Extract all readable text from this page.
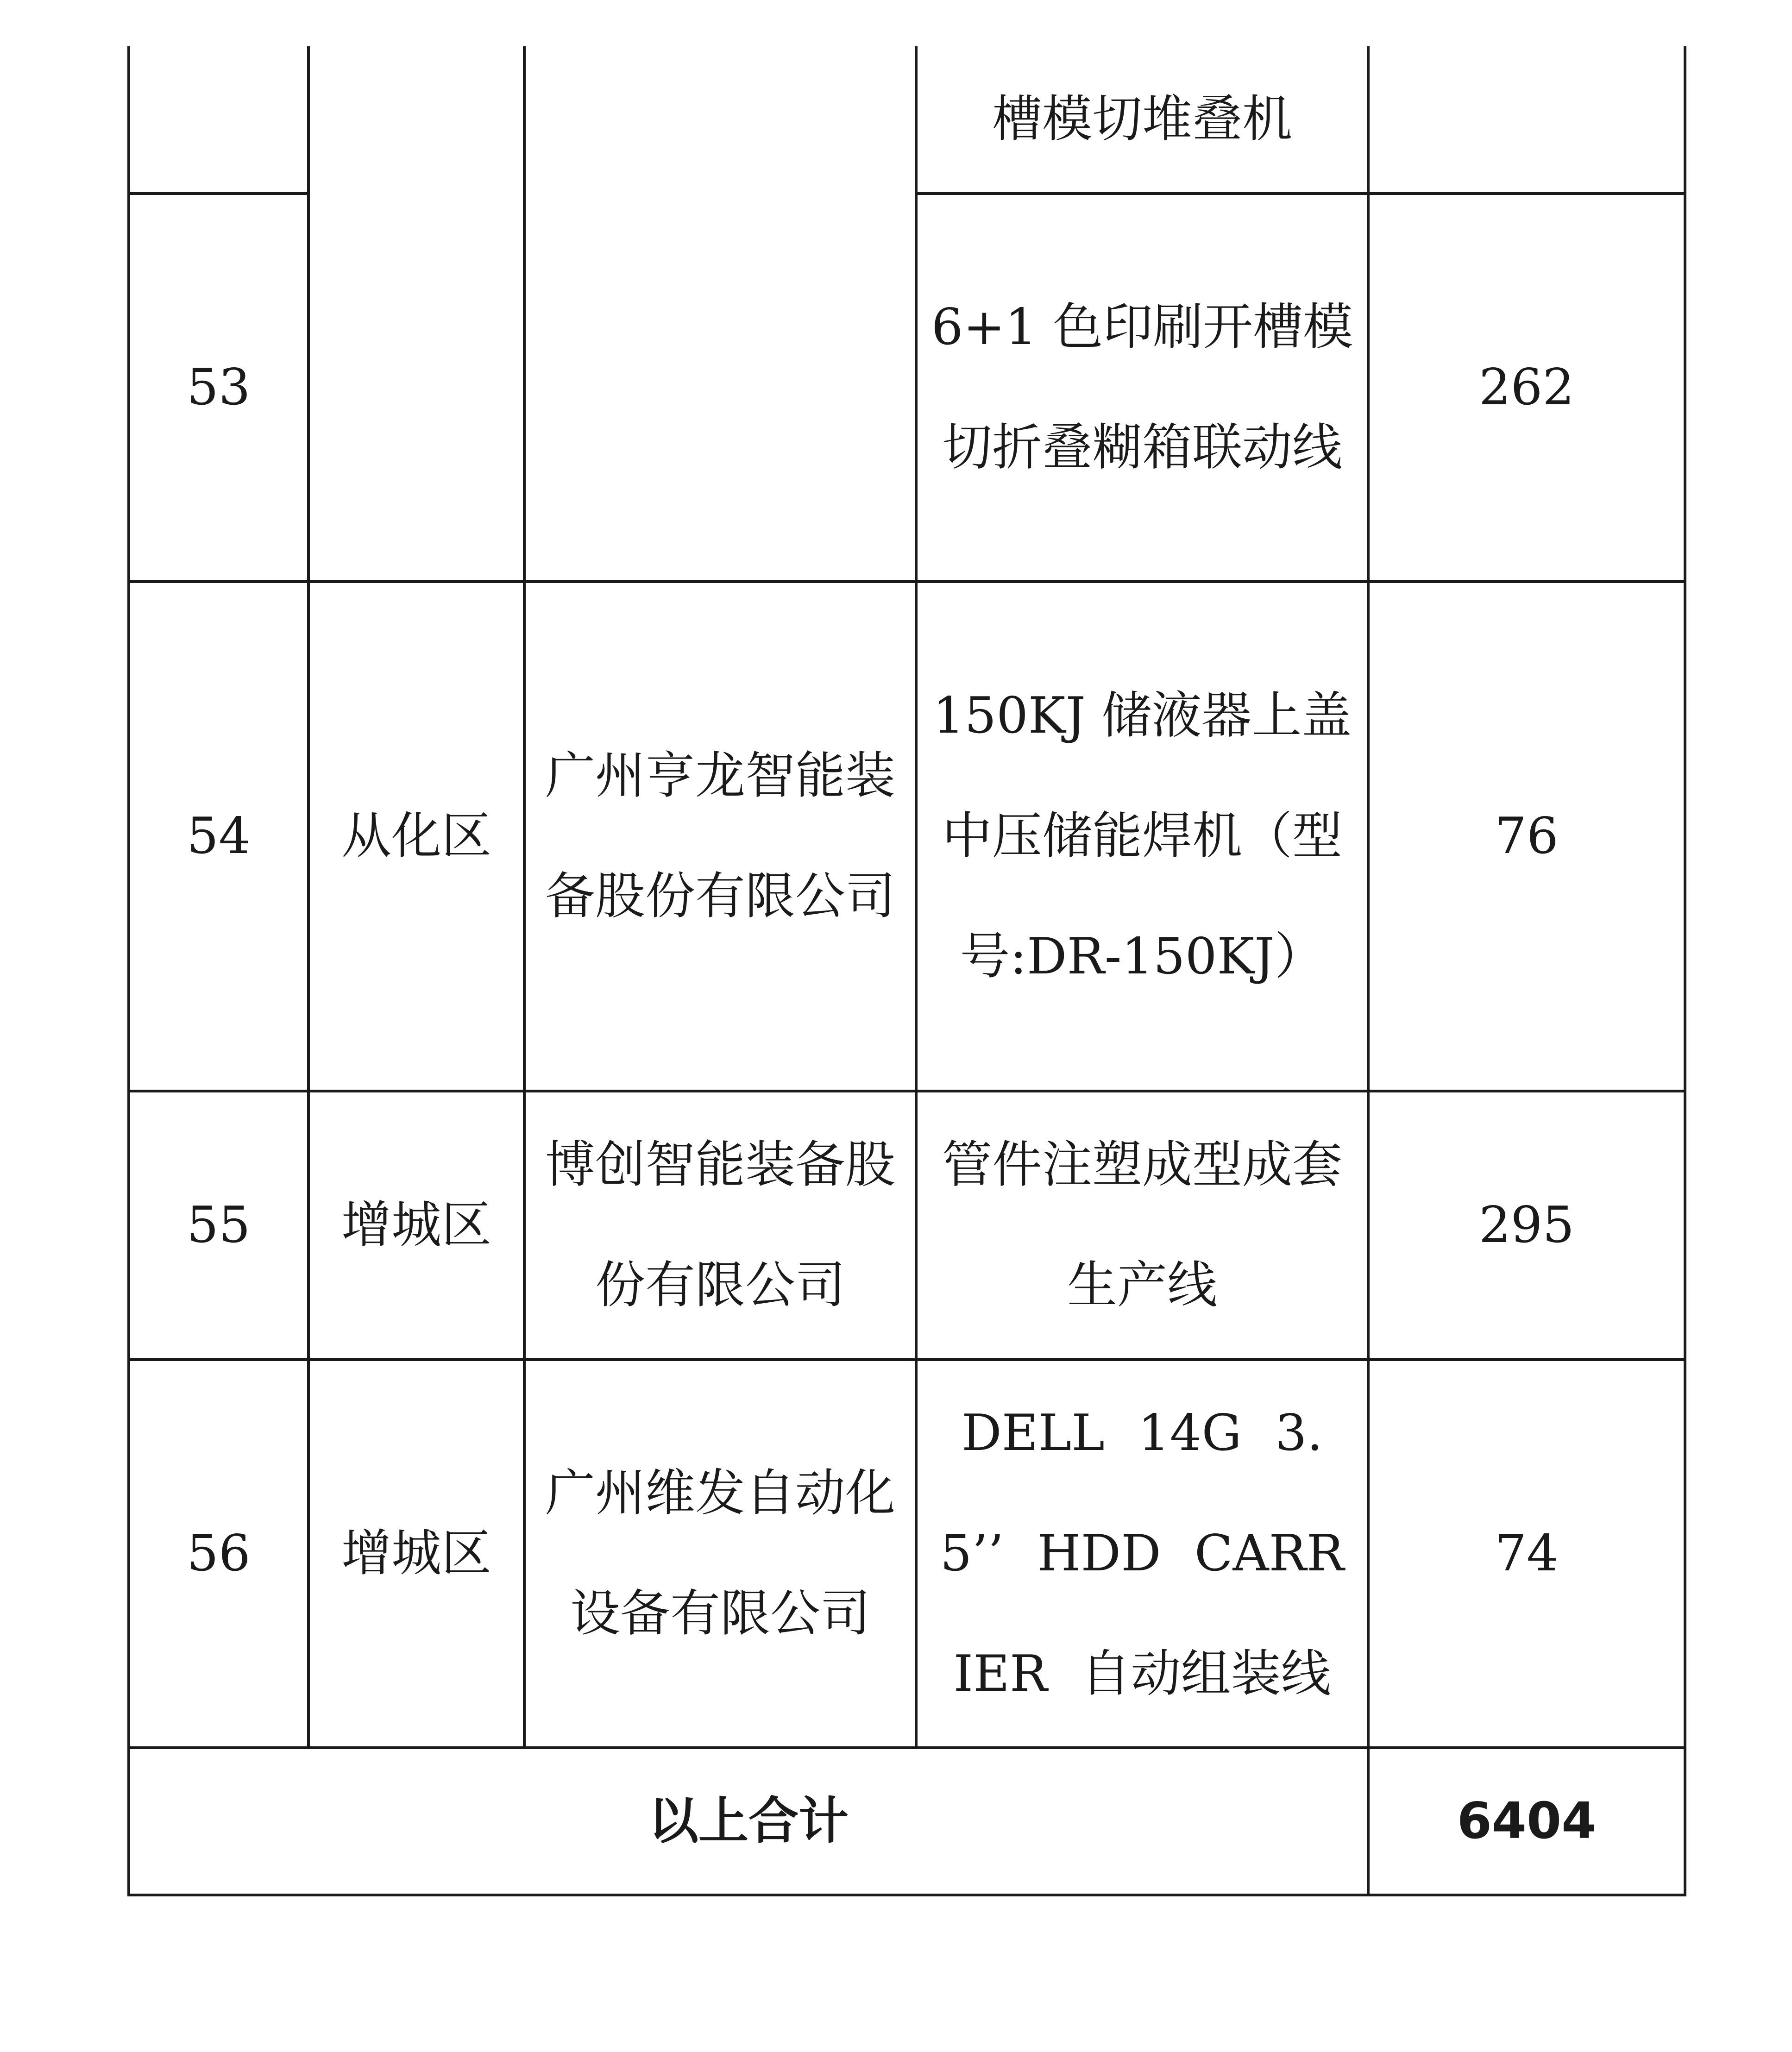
			槽模切堆叠机	
53			6+1 色印刷开槽模切折叠糊箱联动线	262
54	从化区	广州亨龙智能装备股份有限公司	150KJ 储液器上盖中压储能焊机（型号:DR-150KJ）	76
55	增城区	博创智能装备股份有限公司	管件注塑成型成套生产线	295
56	增城区	广州维发自动化设备有限公司	DELL 14G 3.5’’ HDD CARRIER 自动组装线	74
以上合计				6404
